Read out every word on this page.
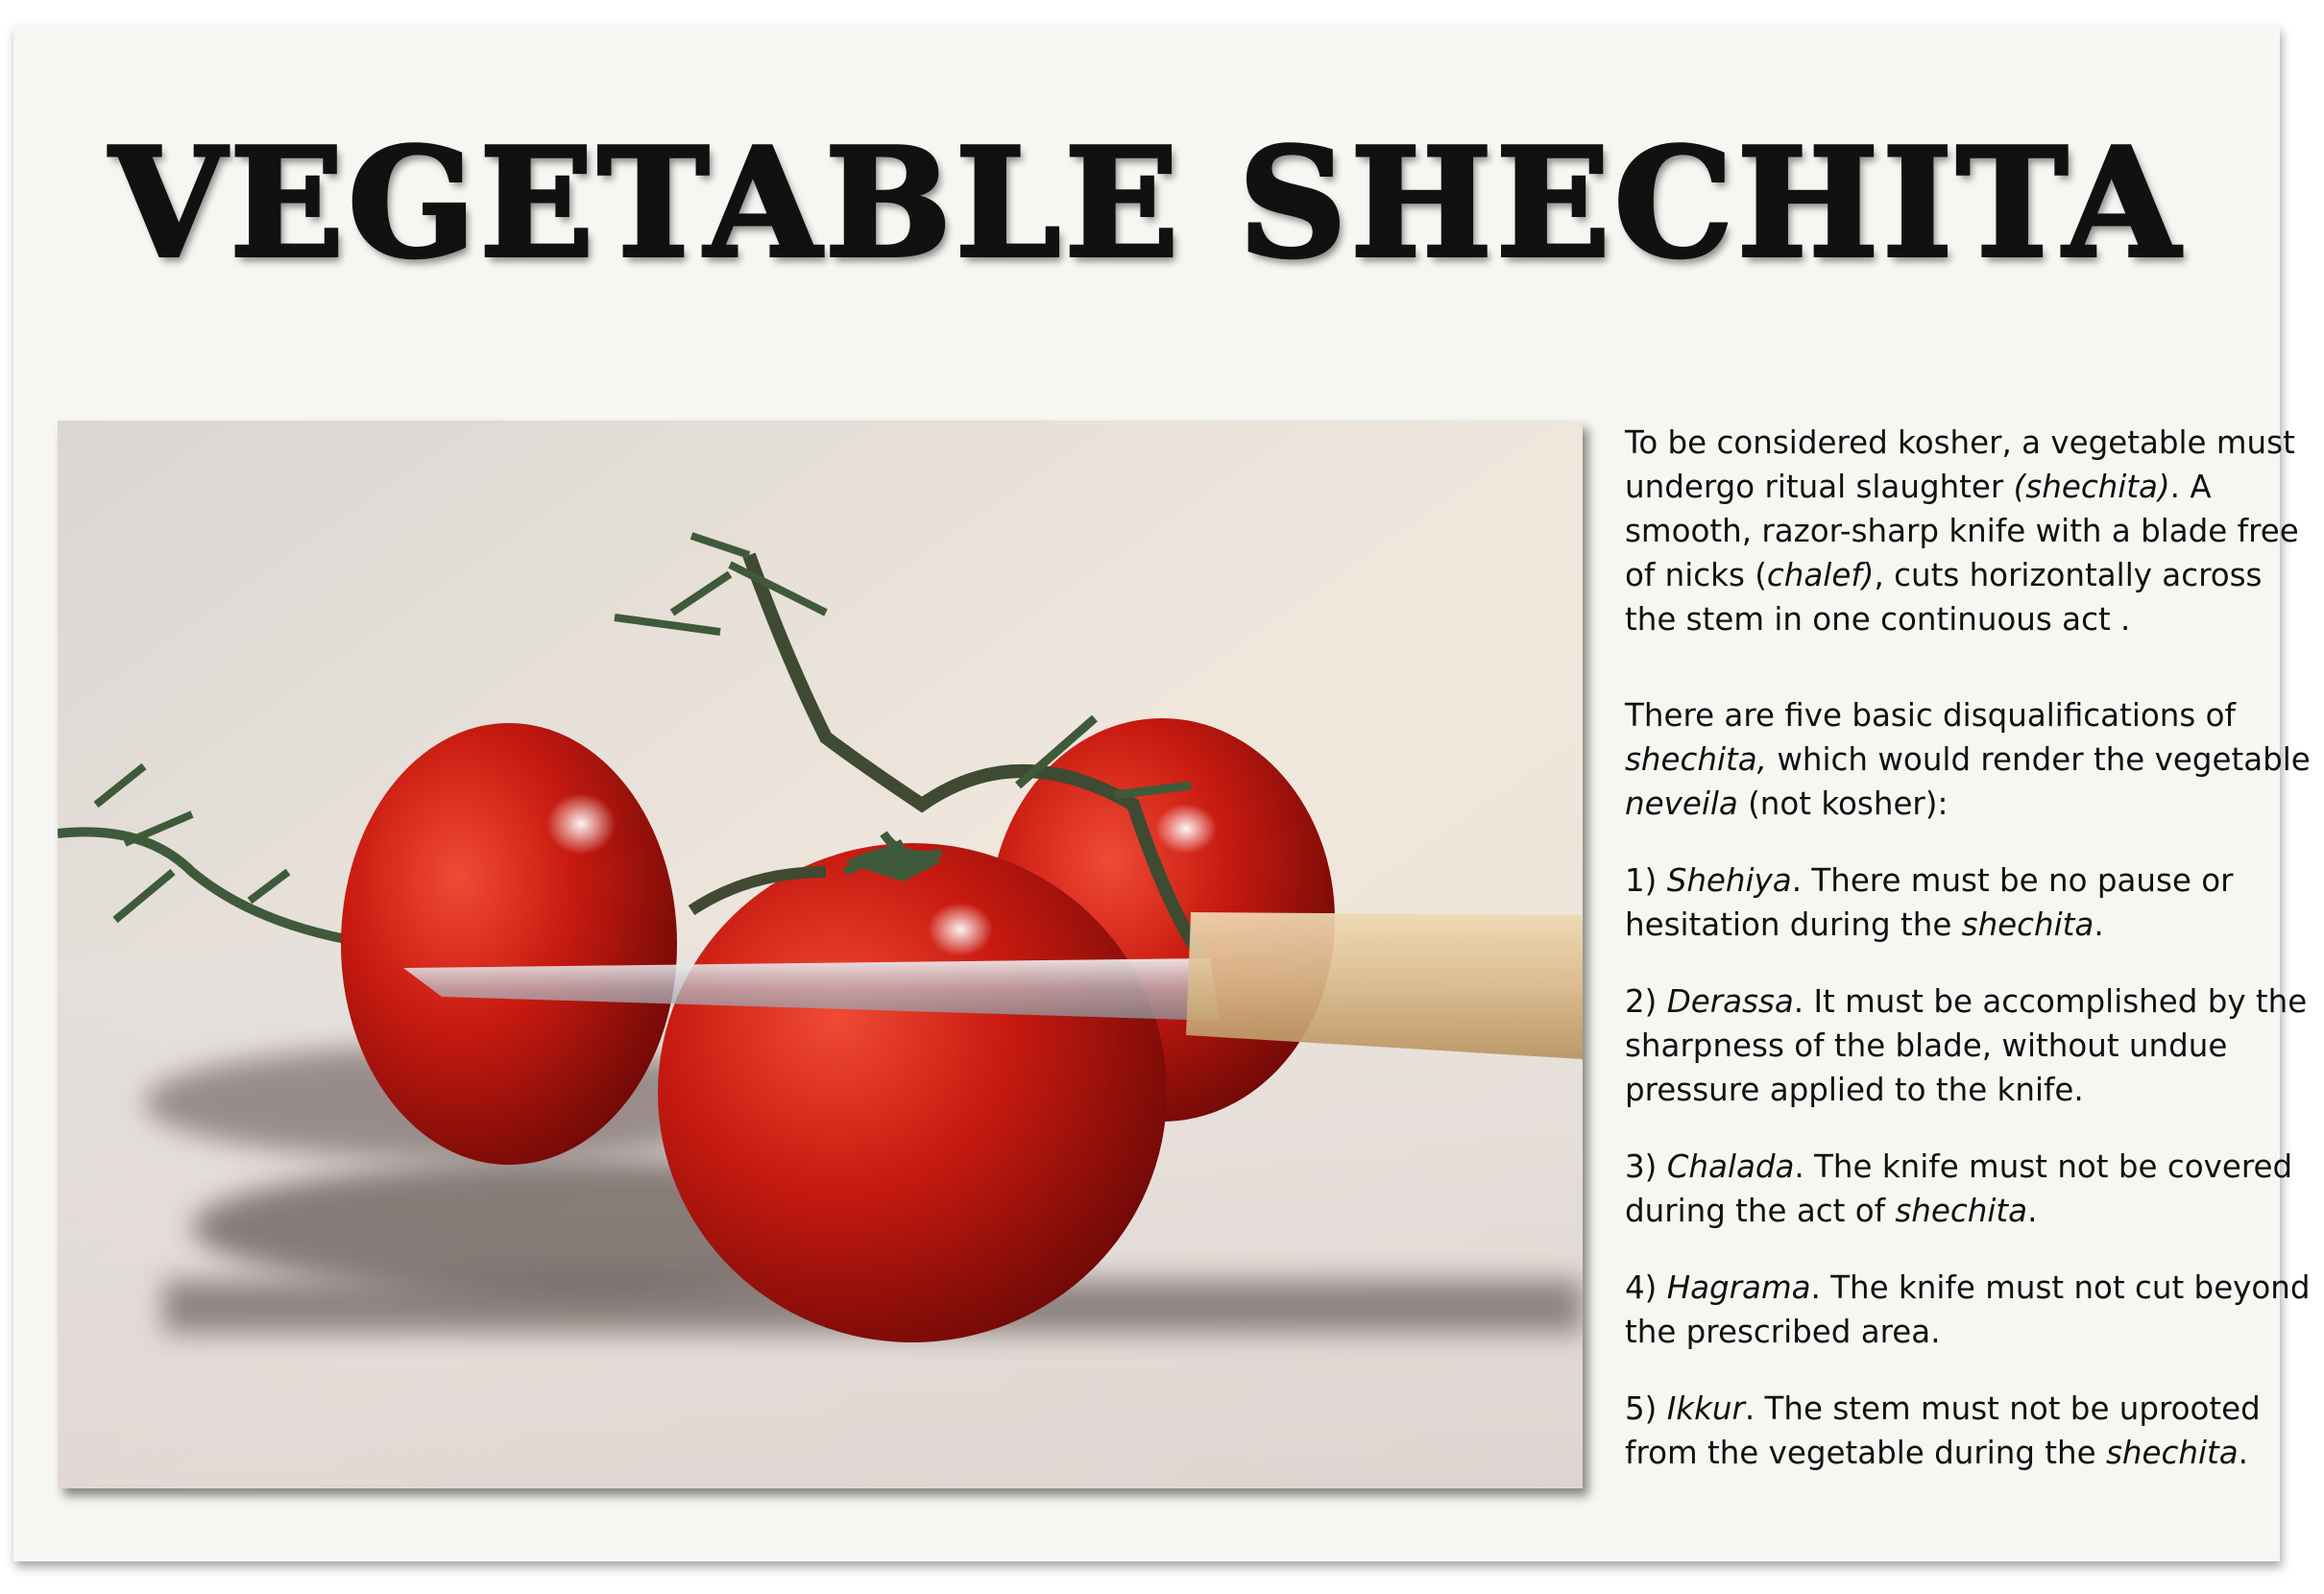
VEGETABLE SHECHITA

To be considered kosher, a vegetable must undergo ritual slaughter (shechita). A smooth, razor-sharp knife with a blade free of nicks (chalef), cuts horizontally across the stem in one continuous act .

There are five basic disqualifications of shechita, which would render the vegetable neveila (not kosher):

1) Shehiya. There must be no pause or hesitation during the shechita.

2) Derassa. It must be accomplished by the sharpness of the blade, without undue pressure applied to the knife.

3) Chalada. The knife must not be covered during the act of shechita.

4) Hagrama. The knife must not cut beyond the prescribed area.

5) Ikkur. The stem must not be uprooted from the vegetable during the shechita.
